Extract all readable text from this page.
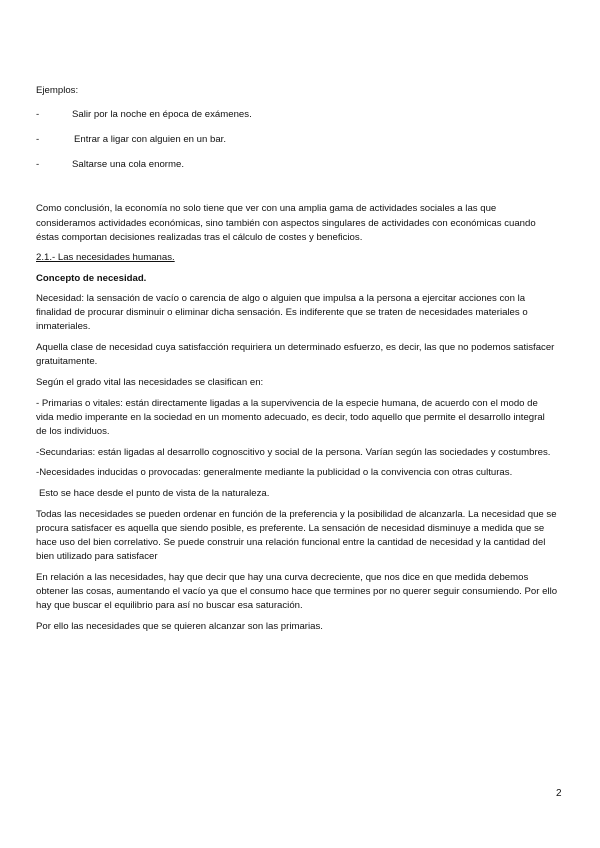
Ejemplos:

-	Salir por la noche en época de exámenes.
-	Entrar a ligar con alguien en un bar.
-	Saltarse una cola enorme.

Como conclusión, la economía no solo tiene que ver con una amplia gama de actividades sociales a las que consideramos actividades económicas, sino también con aspectos singulares de actividades con económicas cuando éstas comportan decisiones realizadas tras el cálculo de costes y beneficios.

2.1.- Las necesidades humanas.

Concepto de necesidad.

Necesidad: la sensación de vacío o carencia de algo o alguien que impulsa a la persona a ejercitar acciones con la finalidad de procurar disminuir o eliminar dicha sensación. Es indiferente que se traten de necesidades materiales o inmateriales.

Aquella clase de necesidad cuya satisfacción requiriera un determinado esfuerzo, es decir, las que no podemos satisfacer gratuitamente.

Según el grado vital las necesidades se clasifican en:

- Primarias o vitales: están directamente ligadas a la supervivencia de la especie humana, de acuerdo con el modo de vida medio imperante en la sociedad en un momento adecuado, es decir, todo aquello que permite el desarrollo integral de los individuos.

-Secundarias: están ligadas al desarrollo cognoscitivo y social de la persona. Varían según las sociedades y costumbres.

-Necesidades inducidas o provocadas: generalmente mediante la publicidad o la convivencia con otras culturas.

Esto se hace desde el punto de vista de la naturaleza.

Todas las necesidades se pueden ordenar en función de la preferencia y la posibilidad de alcanzarla. La necesidad que se procura satisfacer es aquella que siendo posible, es preferente. La sensación de necesidad disminuye a medida que se hace uso del bien correlativo. Se puede construir una relación funcional entre la cantidad de necesidad y la cantidad del bien utilizado para satisfacer

En relación a las necesidades, hay que decir que hay una curva decreciente, que nos dice en que medida debemos obtener las cosas, aumentando el vacío ya que el consumo hace que termines por no querer seguir consumiendo. Por ello hay que buscar el equilibrio para así no buscar esa saturación.

Por ello las necesidades que se quieren alcanzar son las primarias.

2
